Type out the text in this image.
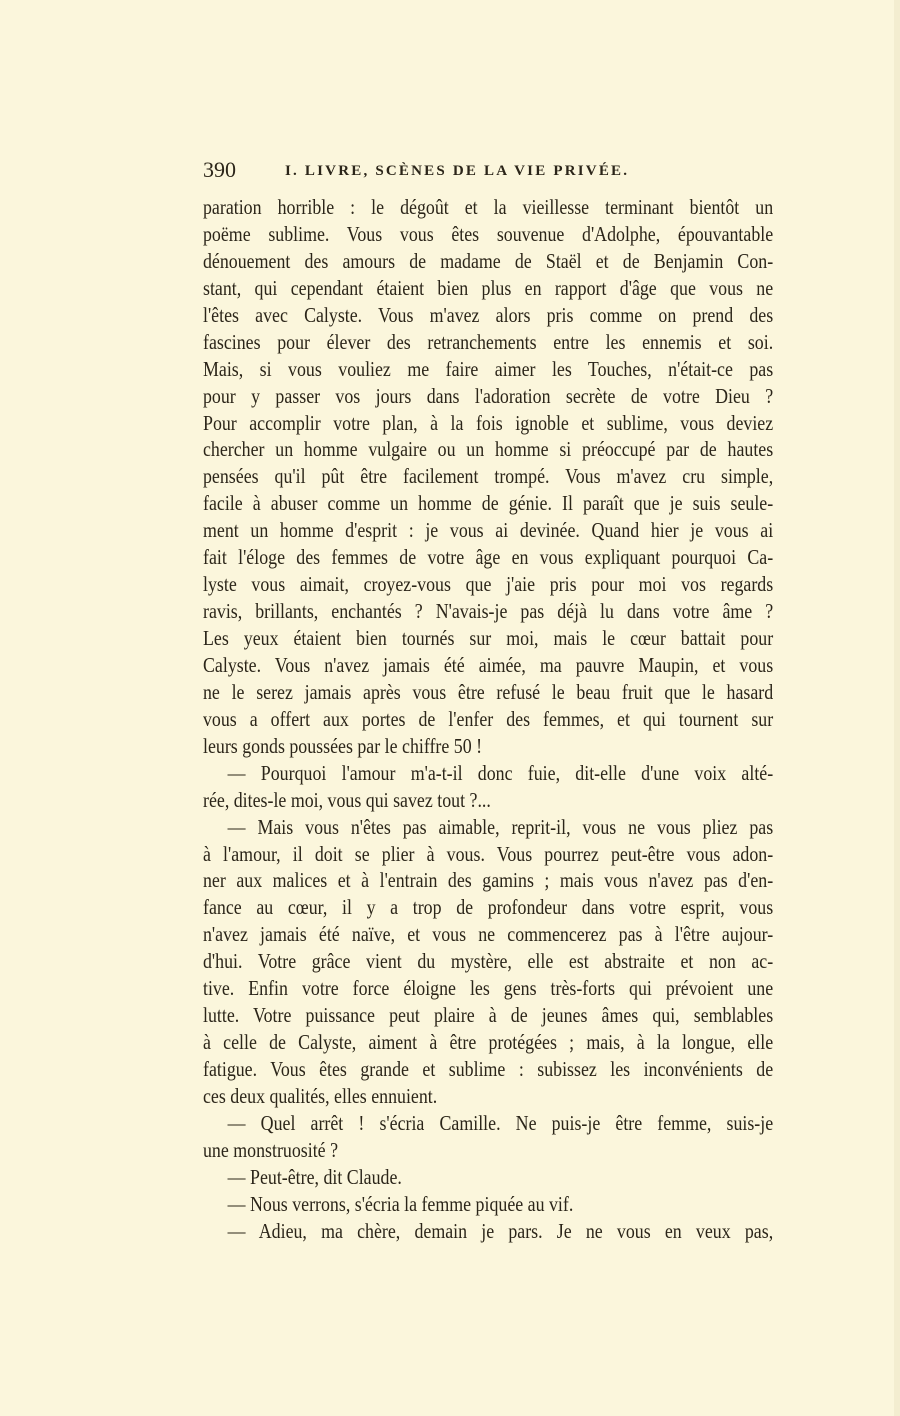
390	I. LIVRE, SCÈNES DE LA VIE PRIVÉE.
paration horrible : le dégoût et la vieillesse terminant bientôt un
poëme sublime. Vous vous êtes souvenue d'Adolphe, épouvantable
dénouement des amours de madame de Staël et de Benjamin Con-
stant, qui cependant étaient bien plus en rapport d'âge que vous ne
l'êtes avec Calyste. Vous m'avez alors pris comme on prend des
fascines pour élever des retranchements entre les ennemis et soi.
Mais, si vous vouliez me faire aimer les Touches, n'était-ce pas
pour y passer vos jours dans l'adoration secrète de votre Dieu ?
Pour accomplir votre plan, à la fois ignoble et sublime, vous deviez
chercher un homme vulgaire ou un homme si préoccupé par de hautes
pensées qu'il pût être facilement trompé. Vous m'avez cru simple,
facile à abuser comme un homme de génie. Il paraît que je suis seule-
ment un homme d'esprit : je vous ai devinée. Quand hier je vous ai
fait l'éloge des femmes de votre âge en vous expliquant pourquoi Ca-
lyste vous aimait, croyez-vous que j'aie pris pour moi vos regards
ravis, brillants, enchantés ? N'avais-je pas déjà lu dans votre âme ?
Les yeux étaient bien tournés sur moi, mais le cœur battait pour
Calyste. Vous n'avez jamais été aimée, ma pauvre Maupin, et vous
ne le serez jamais après vous être refusé le beau fruit que le hasard
vous a offert aux portes de l'enfer des femmes, et qui tournent sur
leurs gonds poussées par le chiffre 50 !
— Pourquoi l'amour m'a-t-il donc fuie, dit-elle d'une voix alté-
rée, dites-le moi, vous qui savez tout ?...
— Mais vous n'êtes pas aimable, reprit-il, vous ne vous pliez pas
à l'amour, il doit se plier à vous. Vous pourrez peut-être vous adon-
ner aux malices et à l'entrain des gamins ; mais vous n'avez pas d'en-
fance au cœur, il y a trop de profondeur dans votre esprit, vous
n'avez jamais été naïve, et vous ne commencerez pas à l'être aujour-
d'hui. Votre grâce vient du mystère, elle est abstraite et non ac-
tive. Enfin votre force éloigne les gens très-forts qui prévoient une
lutte. Votre puissance peut plaire à de jeunes âmes qui, semblables
à celle de Calyste, aiment à être protégées ; mais, à la longue, elle
fatigue. Vous êtes grande et sublime : subissez les inconvénients de
ces deux qualités, elles ennuient.
— Quel arrêt ! s'écria Camille. Ne puis-je être femme, suis-je
une monstruosité ?
— Peut-être, dit Claude.
— Nous verrons, s'écria la femme piquée au vif.
— Adieu, ma chère, demain je pars. Je ne vous en veux pas,
